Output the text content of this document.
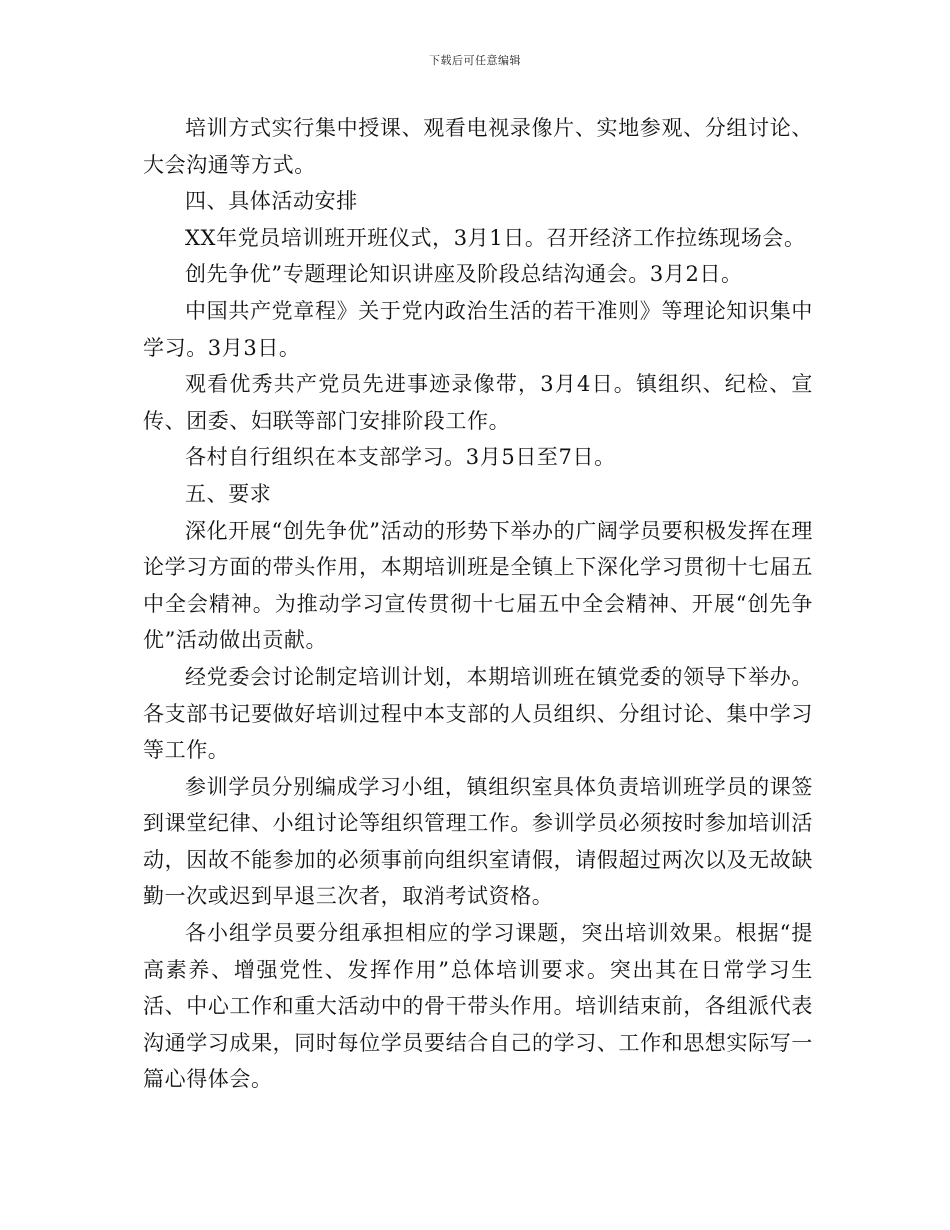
下载后可任意编辑

培训方式实行集中授课、观看电视录像片、实地参观、分组讨论、大会沟通等方式。

四、具体活动安排

XX年党员培训班开班仪式，3月1日。召开经济工作拉练现场会。

创先争优”专题理论知识讲座及阶段总结沟通会。3月2日。

中国共产党章程》关于党内政治生活的若干准则》等理论知识集中学习。3月3日。

观看优秀共产党员先进事迹录像带，3月4日。镇组织、纪检、宣传、团委、妇联等部门安排阶段工作。

各村自行组织在本支部学习。3月5日至7日。

五、要求

深化开展“创先争优”活动的形势下举办的广阔学员要积极发挥在理论学习方面的带头作用，本期培训班是全镇上下深化学习贯彻十七届五中全会精神。为推动学习宣传贯彻十七届五中全会精神、开展“创先争优”活动做出贡献。

经党委会讨论制定培训计划，本期培训班在镇党委的领导下举办。各支部书记要做好培训过程中本支部的人员组织、分组讨论、集中学习等工作。

参训学员分别编成学习小组，镇组织室具体负责培训班学员的课签到课堂纪律、小组讨论等组织管理工作。参训学员必须按时参加培训活动，因故不能参加的必须事前向组织室请假，请假超过两次以及无故缺勤一次或迟到早退三次者，取消考试资格。

各小组学员要分组承担相应的学习课题，突出培训效果。根据“提高素养、增强党性、发挥作用”总体培训要求。突出其在日常学习生活、中心工作和重大活动中的骨干带头作用。培训结束前，各组派代表沟通学习成果，同时每位学员要结合自己的学习、工作和思想实际写一篇心得体会。
